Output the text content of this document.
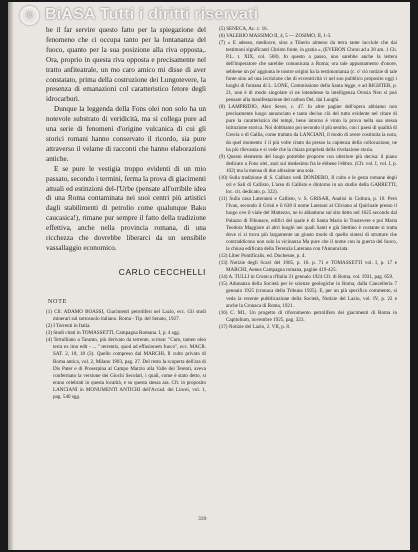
© BiASA Tutti i diritti riservati

be il far servire questo fatto per la spiegazione del fenomeno che ci occupa tanto per la lontananza del fuoco, quanto per la sua posizione alla riva opposta,. Ora, proprio in questa riva opposta e precisamente nel tratto anfiteatrale, un mo caro amico mi disse di aver constatato, prima della costruzione dei Lungotevere, la presenza di emanazioni col caratteristico fetore degli idrocarburi.

Dunque la leggenda della Fons olei non solo ha un notevole substrato di veridicità, ma si collega pure ad una serie di fenomeni d'origine vulcanica di cui gli storici romani hanno conservato il ricordo, sia pure attraverso il velame di racconti che hanno elaborazioni antiche.

E se pure le vestigia troppo evidenti di un mio passato, secondo i termini, ferma la prova di giacimenti attuali ed estinzioni del-l'Urbe (pensate all'orribile idea di una Roma contaminata nei suoi centri più artistici dagli stabilimenti di petrolio come qualunque Baku caucasica!), rimane pur sempre il fatto della tradizione effettiva, anche nella provincia romana, di una ricchezza che dovrebbe liberarci da un sensibile vassallaggio economico.

CARLO CECCHELLI
NOTE
(1) Cfr. ADAMO BOASSI, Giacimenti petroliferi nel Lazio, ecc. Gli studi minerari sul sottosuolo italiano. Roma - Tip. del Senato, 1927.
(2) I Torrenti in Italia.
(3) Studi citati in TOMASSETTI, Campagna Romana. I, p. 4 sgg.
(4) Tertulliano a Taranto, più derivato da terrente, scrisse: "Cum, tamen oleo terra ex imo edit - ... " terrentis, quod ad effusionem fuoco", ecc. MACR. SAT. 2, 18, 18 (3). Quello compreso dal MARCHI, Il culto privato di Roma antica, vol. 2, Milano 1903, pag. 27. Del resto la scoperta dell'ara di Dis Pater e di Proserpina al Campo Marzio alla Valle dei Terenti, aveva confermato la versione dei Giochi Secolari, i quali, come è stato detto, si erano celebrati in questa località, e su questa stessa ara. Cfr. in proposito LANCIANI in MONUMENTI ANTICHI dell'Accad. dei Lincei, vol. 1, pag. 540 sgg.
(5) SENECA, Ac. c. 16.
(6) VALERIO MASSIMO II, 4, 5 — ZOSIMO, II, 1-3.
(7) « E adesso, mediocre, sino a Tiberio almeno da terra tante lucciole che dai testimoni significanti Christo fonte, in gratia », (EVERON Chron ad a 38 am. 1 Ch. P.L. t. XIX, col. 568). In questo a passo, uno sarebbe anche la lettera dell'imperatore che sarebbe comunicata a Roma; ora tale appuntamento d'onore, sebbene un po' aggiunta le nostre origini ha la testimonianza (c. o' ciò notizie di tale fonte sino ad una iscrizione che di eccentricità vi nel suo pubblico proposito oggi i luoghi di fontana di L. LONE, Commissione della Santa legge, e ad RIGHTER, p. 21, non è di modo singolare sì ne intendesse la intelligenza Orosia Non si può pensare alla manifestazione del carbon Del, dai Luoghi.
(8) LAMPRIDIO, Alex Sever, c. 47. In altre pagine dell'opera abbiamo non precisamente luogo annunciato e tanto deciso ciò del tutto evidente nel citare di pure la caratteristica dei tempi, bene intorno è vinto la prova nella sua stessa istituzione storica. Noi dobbiamo poi secondo il più sentito, con i paesi di qualità di Grecia o di Gallia, come trattato da LANCIANI, il modo di avere costituita la nota, da quel momento 1 il più volte citato da presso la capienza della collocazione, ne ha più rilevanza e si vede che la chiara proprietà della rivelazione storia.
(9) Questo elemento del luogo potrebbe proporre con ulteriore più decisa: il piano dedicato a Fons olei, anzi sul medesimo fra le ebbene l'ebbro. (Cfr. vol. I, vol. I, p. 102) ma la mensa di due altissime una sola.
(10) Sulla tradizione di S. Callisto vedi DONDERO, Il culto e le gesta romane degli ori e Sali di Callisto, L'area di Callisto e dintorno in un studio della GARRETTI, loc. cit. dedicato, p. 322).
(11) Sulla casa Lateranni e Callisto, v. S. GRISAR, Analisi in Cultura, p. 10. Però l'Ivan, secondo il Gristi e il 638 il nome Laterani al Cliviano al Quirinale presso il luogo ove il viale del Mattezzo, ne lo abbattono sul sito detto nel 1625 secondo dal Palazzo di Fibonace, edifici del quale è di Santa Maria in Trastevere e poi Maria Teodora Maggiore al altri luoghi nei quali Santi e già Stettino è costante si tratta dove ci si trova più largamente un giusto modo di quello sintesi di strutture che contraddicono non solo la vicinanza Ma pure che il nome con la guerra del fuoco, la chiusa edificata della Terenzia Laterana con l'Annunciata.
(12) Liber Pontificalis, ed. Duchesne, p. 4.
(13) Notizie degli Scavi del 1905, p. 16. p. 71 e TOMASSETTI vol. I, p. 17 e MARCHI, Aenea Campagna romana, pagine 419-425.
(14) A. TULLI in Cronica d'Italia 31 gennaio 1924 Cfr. di Roma, vol. 1931, pag. 659.
(15) Adunanza della Società per le scienze geologiche in Roma, dalla Cancelleria 7 gennaio 1925 (cronaca della Tribuna 1925). E, per un più specifico commento, si veda la recente pubblicazione della Società, Notizie del Lazio, vol. IV, p. 22 e anche la Cronaca di Roma, 1921.
(16) C. MI., Un progetto di rifornimento petrolifero dei giacimenti di Roma in Capitolium, novembre 1925, pag. 323.
(17) Notizie del Lazio, 2. VII, p. 8.
339
